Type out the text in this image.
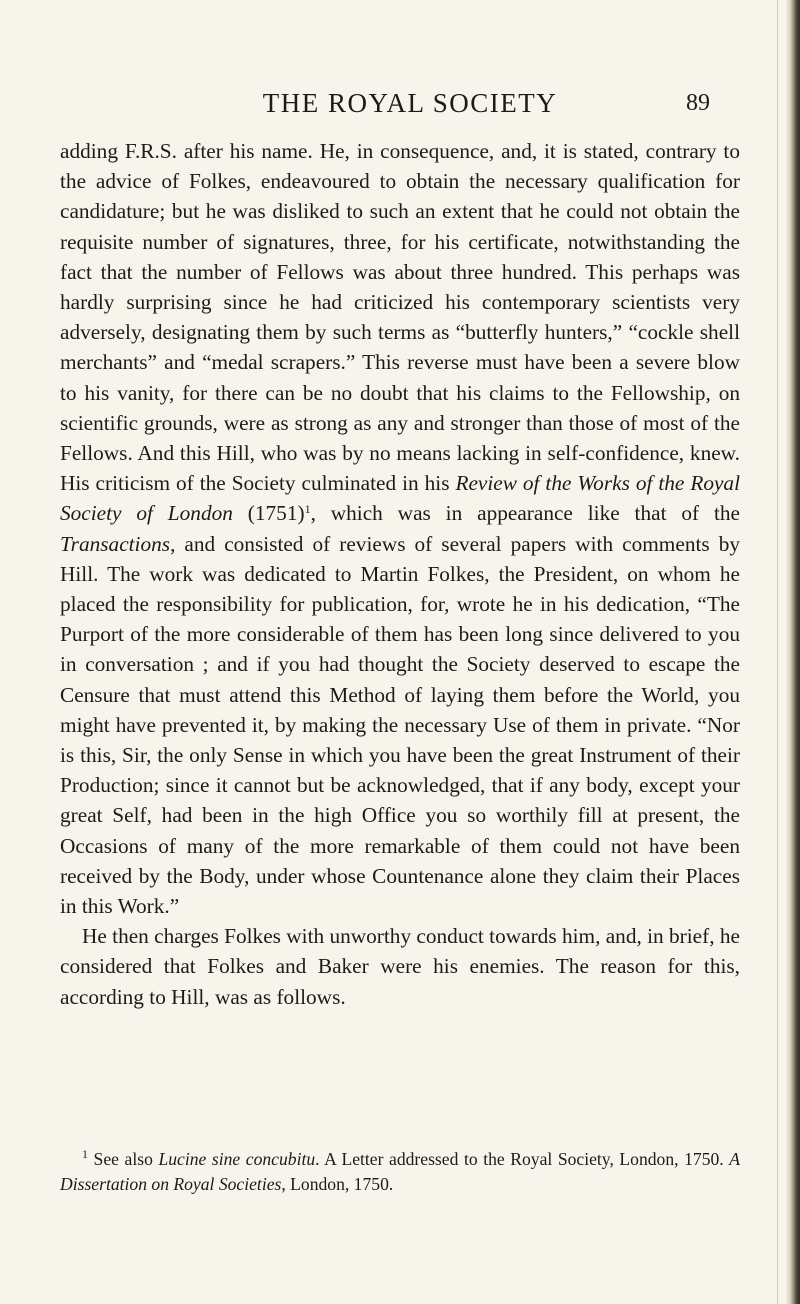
THE ROYAL SOCIETY	89

adding F.R.S. after his name. He, in consequence, and, it is stated, contrary to the advice of Folkes, endeavoured to obtain the necessary qualification for candidature; but he was disliked to such an extent that he could not obtain the requisite number of signatures, three, for his certificate, notwithstanding the fact that the number of Fellows was about three hundred. This perhaps was hardly surprising since he had criticized his contemporary scientists very adversely, designating them by such terms as “butterfly hunters,” “cockle shell merchants” and “medal scrapers.” This reverse must have been a severe blow to his vanity, for there can be no doubt that his claims to the Fellowship, on scientific grounds, were as strong as any and stronger than those of most of the Fellows. And this Hill, who was by no means lacking in self-confidence, knew. His criticism of the Society culminated in his Review of the Works of the Royal Society of London $(1751)^1$, which was in appearance like that of the Transactions, and consisted of reviews of several papers with comments by Hill. The work was dedicated to Martin Folkes, the President, on whom he placed the responsibility for publication, for, wrote he in his dedication, “The Purport of the more considerable of them has been long since delivered to you in conversation ; and if you had thought the Society deserved to escape the Censure that must attend this Method of laying them before the World, you might have prevented it, by making the necessary Use of them in private. “Nor is this, Sir, the only Sense in which you have been the great Instrument of their Production; since it cannot but be acknowledged, that if any body, except your great Self, had been in the high Office you so worthily fill at present, the Occasions of many of the more remarkable of them could not have been received by the Body, under whose Countenance alone they claim their Places in this Work.”

He then charges Folkes with unworthy conduct towards him, and, in brief, he considered that Folkes and Baker were his enemies. The reason for this, according to Hill, was as follows.

$^1$ See also Lucine sine concubitu. A Letter addressed to the Royal Society, London, 1750. A Dissertation on Royal Societies, London, 1750.
